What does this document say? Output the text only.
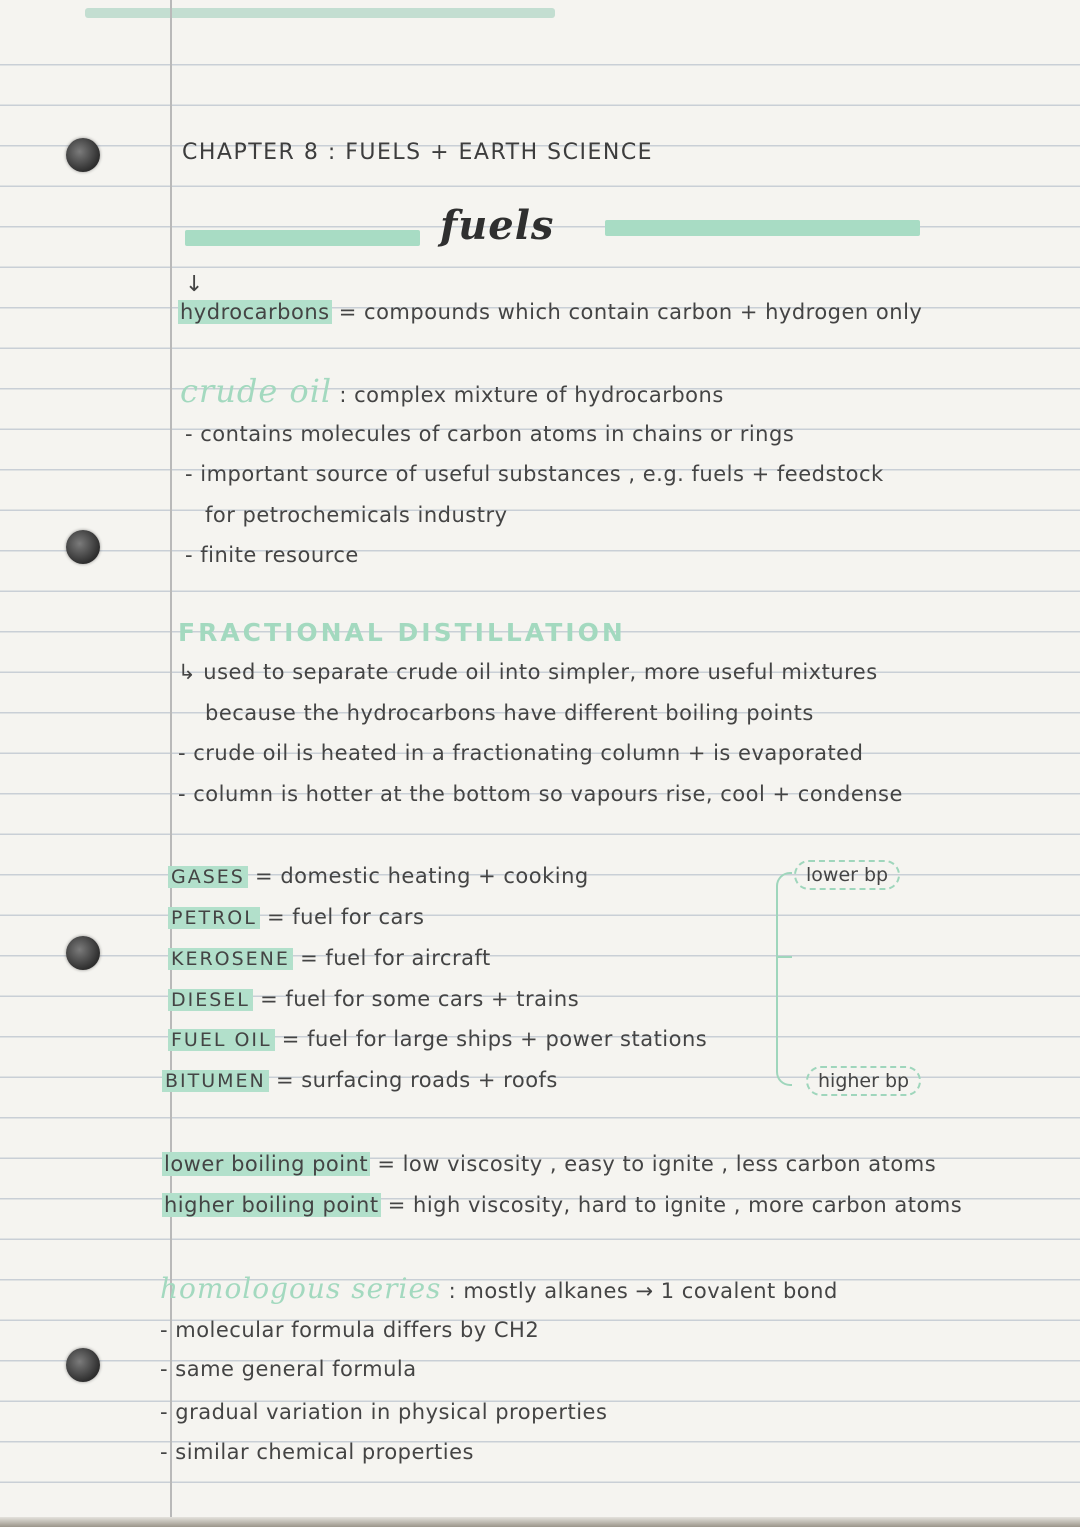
CHAPTER 8 : FUELS + EARTH SCIENCE
fuels
↓
hydrocarbons = compounds which contain carbon + hydrogen only
crude oil : complex mixture of hydrocarbons
- contains molecules of carbon atoms in chains or rings
- important source of useful substances , e.g. fuels + feedstock
for petrochemicals industry
- finite resource
FRACTIONAL DISTILLATION
↳ used to separate crude oil into simpler, more useful mixtures
because the hydrocarbons have different boiling points
- crude oil is heated in a fractionating column + is evaporated
- column is hotter at the bottom so vapours rise, cool + condense
GASES = domestic heating + cooking
PETROL = fuel for cars
KEROSENE = fuel for aircraft
DIESEL = fuel for some cars + trains
FUEL OIL = fuel for large ships + power stations
BITUMEN = surfacing roads + roofs
lower bp
higher bp
lower boiling point = low viscosity , easy to ignite , less carbon atoms
higher boiling point = high viscosity, hard to ignite , more carbon atoms
homologous series : mostly alkanes → 1 covalent bond
- molecular formula differs by CH2
- same general formula
- gradual variation in physical properties
- similar chemical properties
